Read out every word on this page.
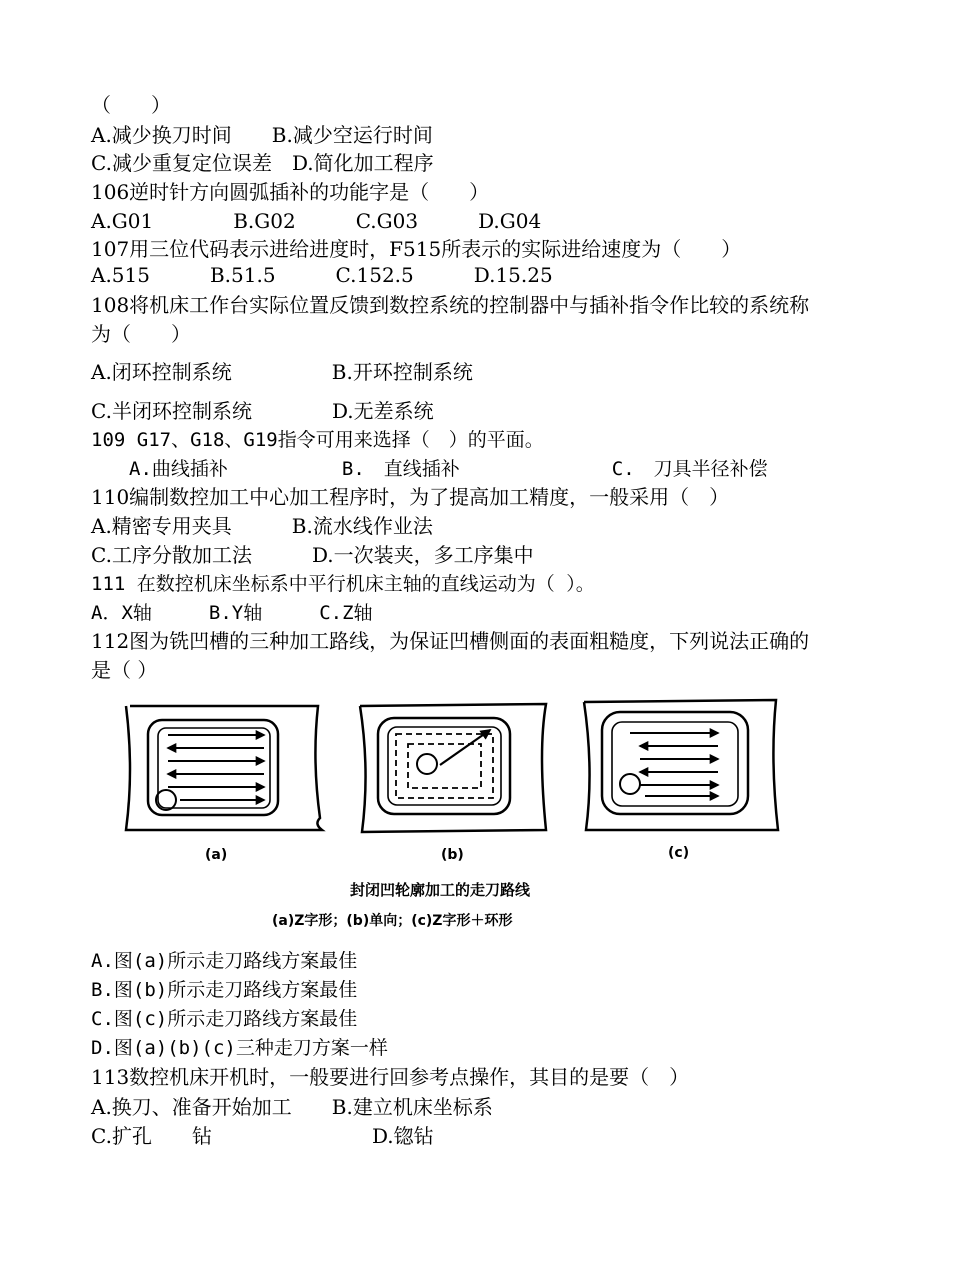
（　　）
A.减少换刀时间　　B.减少空运行时间
C.减少重复定位误差　D.简化加工程序
106逆时针方向圆弧插补的功能字是（　　）
A.G01　　　　B.G02　　　C.G03　　　D.G04
107用三位代码表示进给进度时，F515所表示的实际进给速度为（　　）
A.515　　　B.51.5　　　C.152.5　　　D.15.25
108将机床工作台实际位置反馈到数控系统的控制器中与插补指令作比较的系统称
为（　　）
A.闭环控制系统　　　　　B.开环控制系统
C.半闭环控制系统　　　　D.无差系统
109 G17、G18、G19指令可用来选择（　）的平面。
　　A.曲线插补　　　　　　B.　直线插补　　　　　　　　C.　刀具半径补偿
110编制数控加工中心加工程序时，为了提高加工精度，一般采用（　）
A.精密专用夹具　　　B.流水线作业法
C.工序分散加工法　　　D.一次装夹，多工序集中
111 在数控机床坐标系中平行机床主轴的直线运动为（ ）。
A．X轴　　　B.Y轴　　　C.Z轴
112图为铣凹槽的三种加工路线，为保证凹槽侧面的表面粗糙度，下列说法正确的
是（ ）
(a)	(b)	(c)
封闭凹轮廓加工的走刀路线
(a)Z字形；(b)单向；(c)Z字形＋环形
A.图(a)所示走刀路线方案最佳
B.图(b)所示走刀路线方案最佳
C.图(c)所示走刀路线方案最佳
D.图(a)(b)(c)三种走刀方案一样
113数控机床开机时，一般要进行回参考点操作，其目的是要（　）
A.换刀、准备开始加工　　B.建立机床坐标系
C.扩孔　　钻　　　　　　　　D.锪钻
